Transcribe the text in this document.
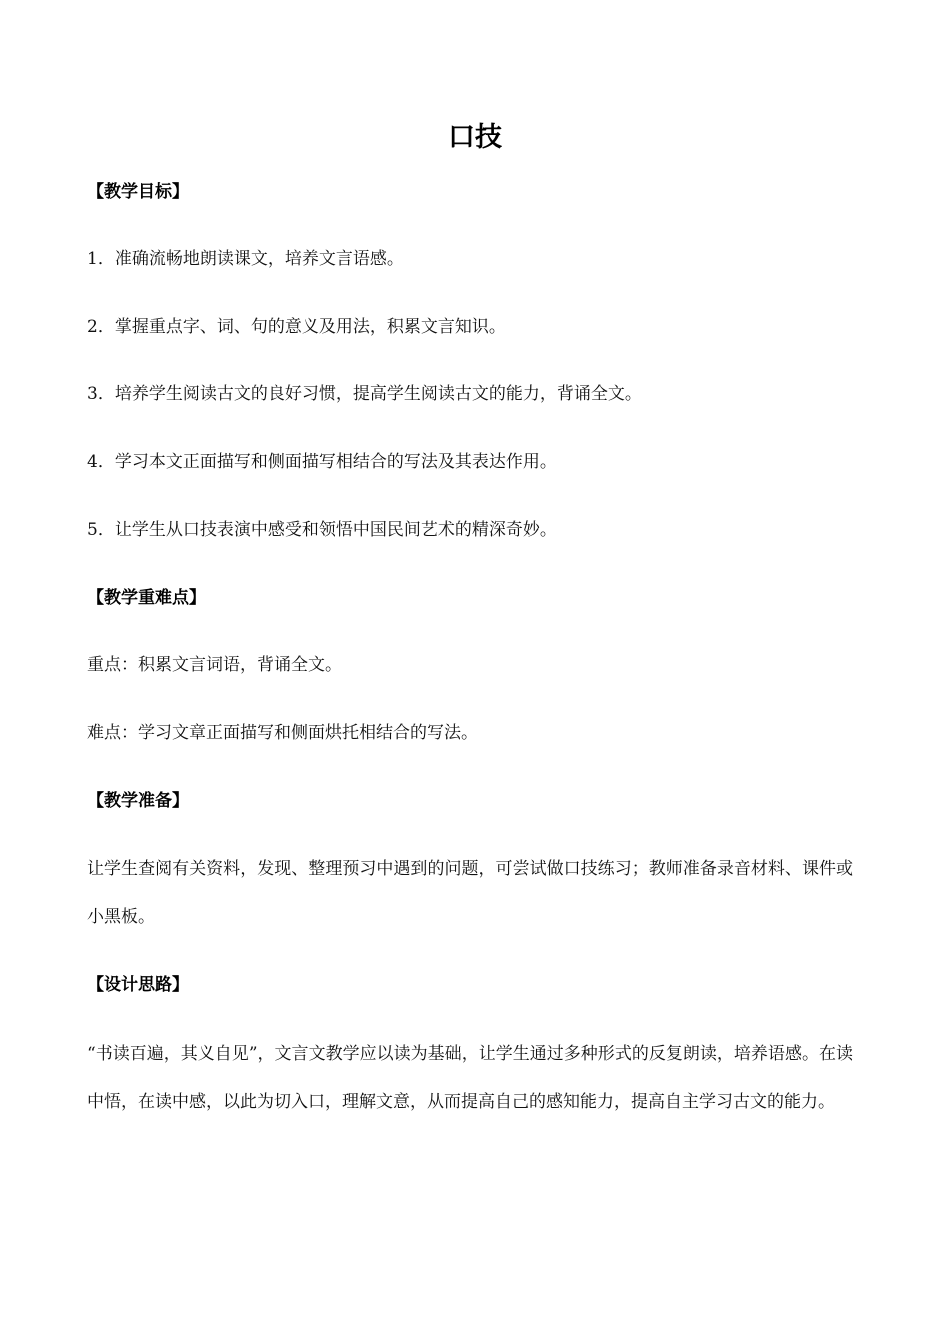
口技
【教学目标】
1．准确流畅地朗读课文，培养文言语感。
2．掌握重点字、词、句的意义及用法，积累文言知识。
3．培养学生阅读古文的良好习惯，提高学生阅读古文的能力，背诵全文。
4．学习本文正面描写和侧面描写相结合的写法及其表达作用。
5．让学生从口技表演中感受和领悟中国民间艺术的精深奇妙。
【教学重难点】
重点：积累文言词语，背诵全文。
难点：学习文章正面描写和侧面烘托相结合的写法。
【教学准备】
让学生查阅有关资料，发现、整理预习中遇到的问题，可尝试做口技练习；教师准备录音材料、课件或小黑板。
【设计思路】
“书读百遍，其义自见”，文言文教学应以读为基础，让学生通过多种形式的反复朗读，培养语感。在读中悟，在读中感，以此为切入口，理解文意，从而提高自己的感知能力，提高自主学习古文的能力。
